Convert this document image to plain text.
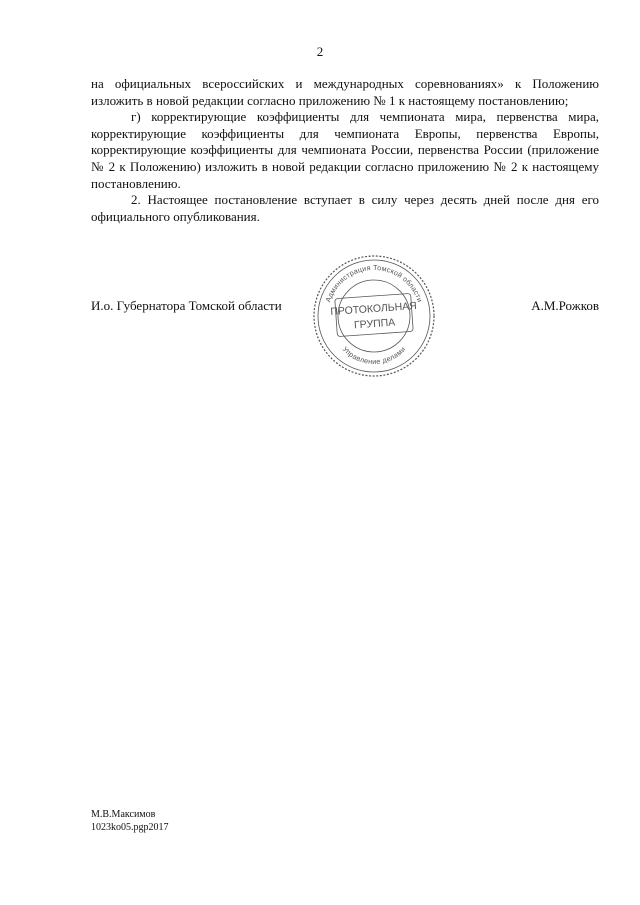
2

на официальных всероссийских и международных соревнованиях» к Положению изложить в новой редакции согласно приложению № 1 к настоящему постановлению;

г) корректирующие коэффициенты для чемпионата мира, первенства мира, корректирующие коэффициенты для чемпионата Европы, первенства Европы, корректирующие коэффициенты для чемпионата России, первенства России (приложение № 2 к Положению) изложить в новой редакции согласно приложению № 2 к настоящему постановлению.

2. Настоящее постановление вступает в силу через десять дней после дня его официального опубликования.

И.о. Губернатора Томской области	А.М.Рожков
Администрация Томской области
Управление делами
ПРОТОКОЛЬНАЯ
ГРУППА
М.В.Максимов
1023ko05.pgp2017
